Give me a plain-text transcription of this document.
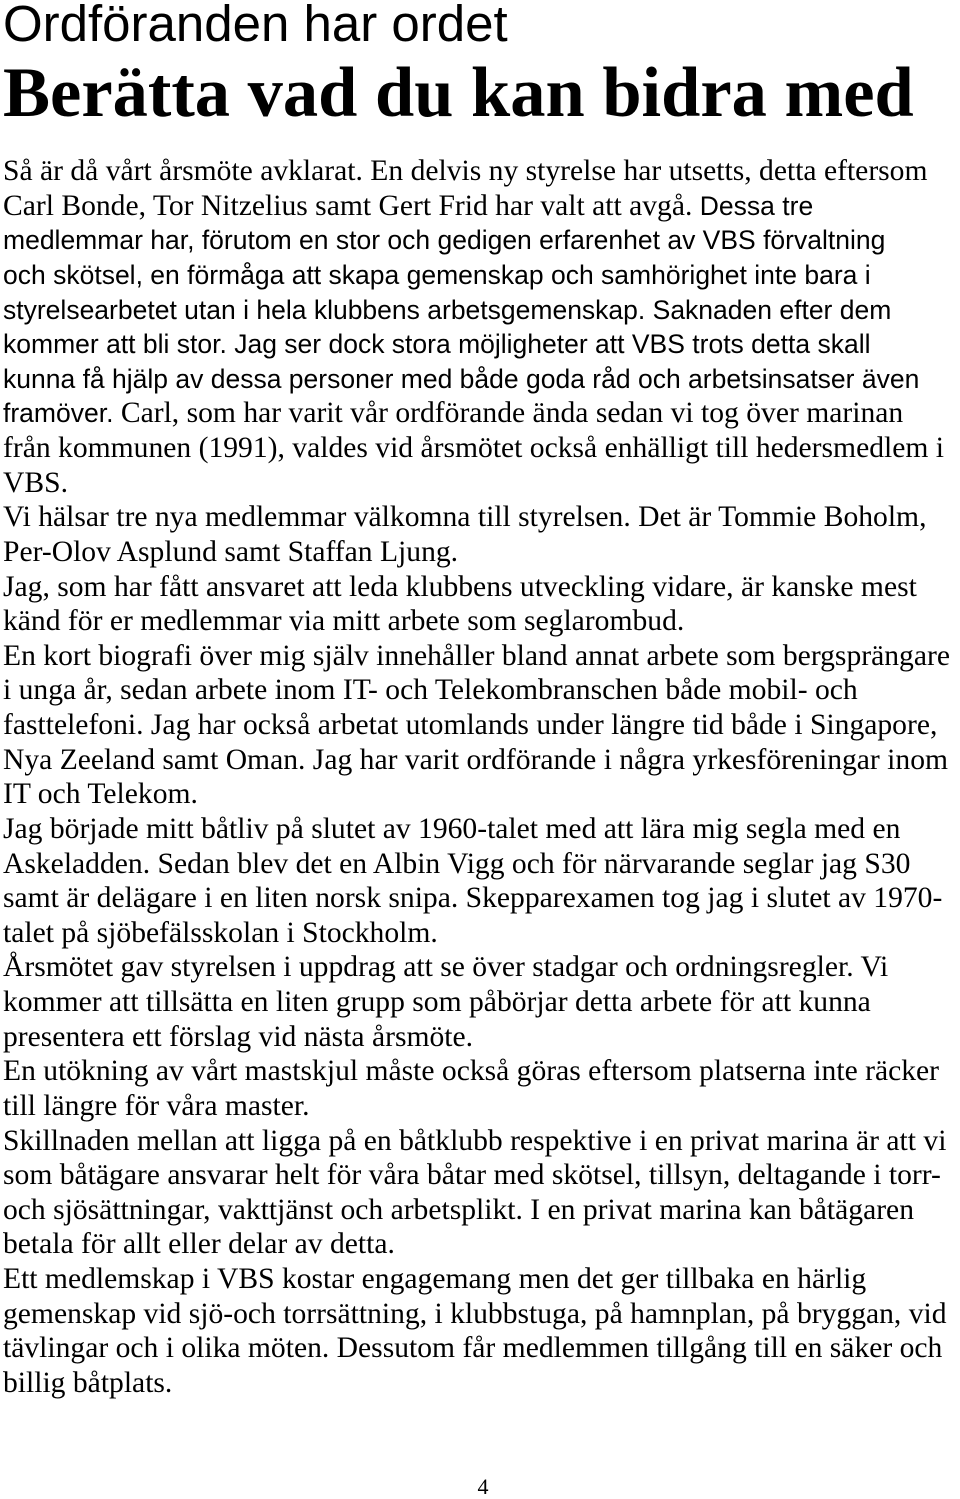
Ordföranden har ordet
Berätta vad du kan bidra med
Så är då vårt årsmöte avklarat. En delvis ny styrelse har utsetts, detta eftersom
Carl Bonde, Tor Nitzelius samt Gert Frid har valt att avgå. Dessa tre
medlemmar har, förutom en stor och gedigen erfarenhet av VBS förvaltning
och skötsel, en förmåga att skapa gemenskap och samhörighet inte bara i
styrelsearbetet utan i hela klubbens arbetsgemenskap. Saknaden efter dem
kommer att bli stor. Jag ser dock stora möjligheter att VBS trots detta skall
kunna få hjälp av dessa personer med både goda råd och arbetsinsatser även
framöver. Carl, som har varit vår ordförande ända sedan vi tog över marinan
från kommunen (1991), valdes vid årsmötet också enhälligt till hedersmedlem i
VBS.
Vi hälsar tre nya medlemmar välkomna till styrelsen. Det är Tommie Boholm,
Per-Olov Asplund samt Staffan Ljung.
Jag, som har fått ansvaret att leda klubbens utveckling vidare, är kanske mest
känd för er medlemmar via mitt arbete som seglarombud.
En kort biografi över mig själv innehåller bland annat arbete som bergsprängare
i unga år, sedan arbete inom IT- och Telekombranschen både mobil- och
fasttelefoni. Jag har också arbetat utomlands under längre tid både i Singapore,
Nya Zeeland samt Oman. Jag har varit ordförande i några yrkesföreningar inom
IT och Telekom.
Jag började mitt båtliv på slutet av 1960-talet med att lära mig segla med en
Askeladden. Sedan blev det en Albin Vigg och för närvarande seglar jag S30
samt är delägare i en liten norsk snipa. Skepparexamen tog jag i slutet av 1970-
talet på sjöbefälsskolan i Stockholm.
Årsmötet gav styrelsen i uppdrag att se över stadgar och ordningsregler. Vi
kommer att tillsätta en liten grupp som påbörjar detta arbete för att kunna
presentera ett förslag vid nästa årsmöte.
En utökning av vårt mastskjul måste också göras eftersom platserna inte räcker
till längre för våra master.
Skillnaden mellan att ligga på en båtklubb respektive i en privat marina är att vi
som båtägare ansvarar helt för våra båtar med skötsel, tillsyn, deltagande i torr-
och sjösättningar, vakttjänst och arbetsplikt. I en privat marina kan båtägaren
betala för allt eller delar av detta.
Ett medlemskap i VBS kostar engagemang men det ger tillbaka en härlig
gemenskap vid sjö-och torrsättning, i klubbstuga, på hamnplan, på bryggan, vid
tävlingar och i olika möten. Dessutom får medlemmen tillgång till en säker och
billig båtplats.
4
